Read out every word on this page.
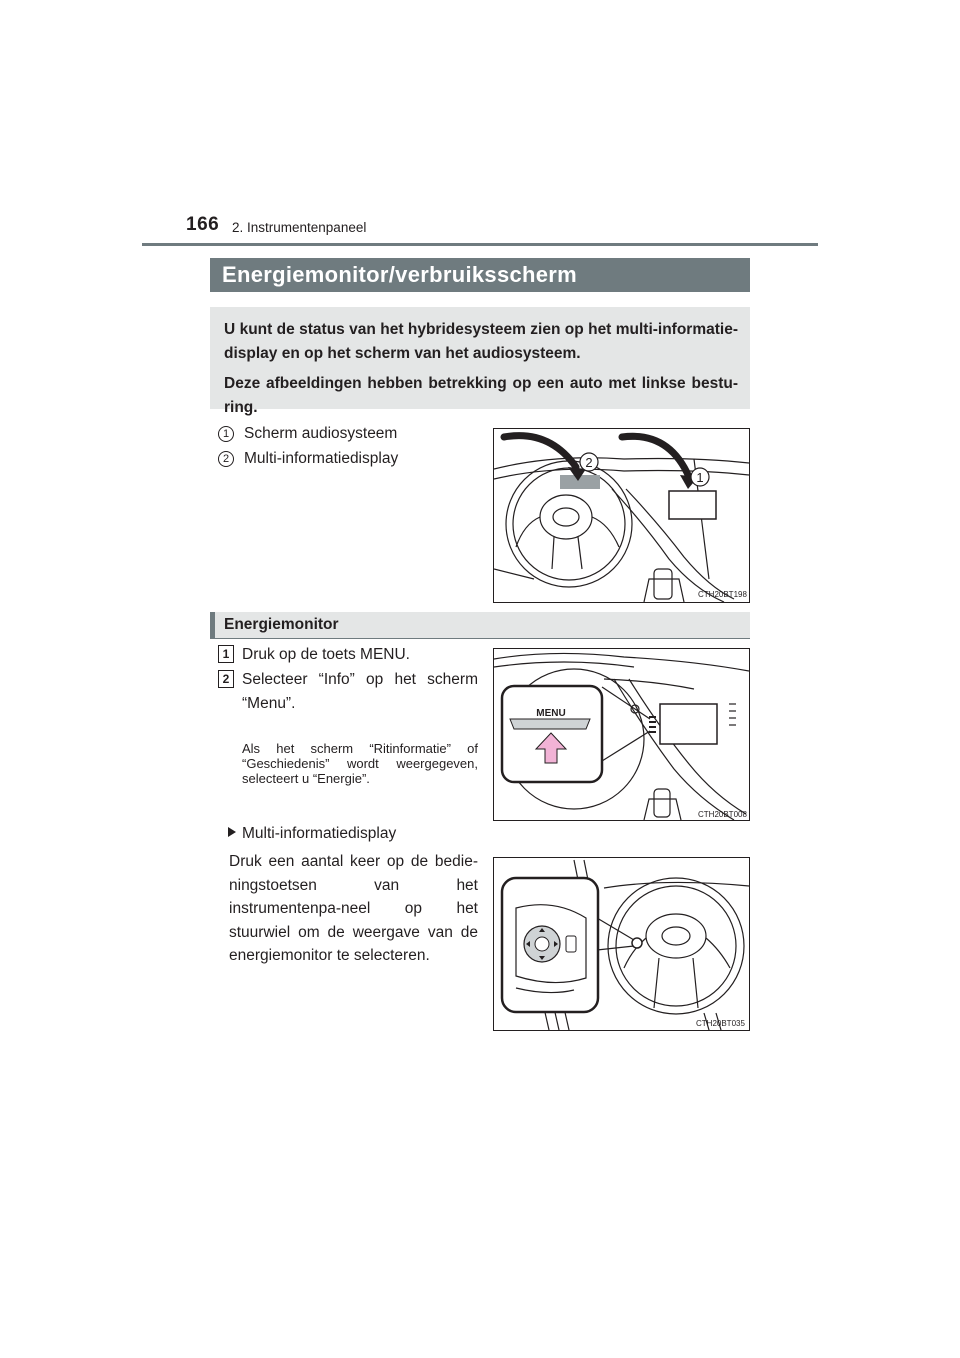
166 2. Instrumentenpaneel
Energiemonitor/verbruiksscherm

U kunt de status van het hybridesysteem zien op het multi-informatie-display en op het scherm van het audiosysteem.

Deze afbeeldingen hebben betrekking op een auto met linkse bestu-ring.

1 Scherm audiosysteem
2 Multi-informatiedisplay	2
1
CTH20BT198
Energiemonitor
1 Druk op de toets MENU.
2 Selecteer “Info” op het scherm “Menu”.
Als het scherm “Ritinformatie” of “Geschiedenis” wordt weergegeven, selecteert u “Energie”.
MENU
CTH20BT008
Multi-informatiedisplay
Druk een aantal keer op de bedie-ningstoetsen van het instrumentenpa-neel op het stuurwiel om de weergave van de energiemonitor te selecteren.
CTH20BT035
